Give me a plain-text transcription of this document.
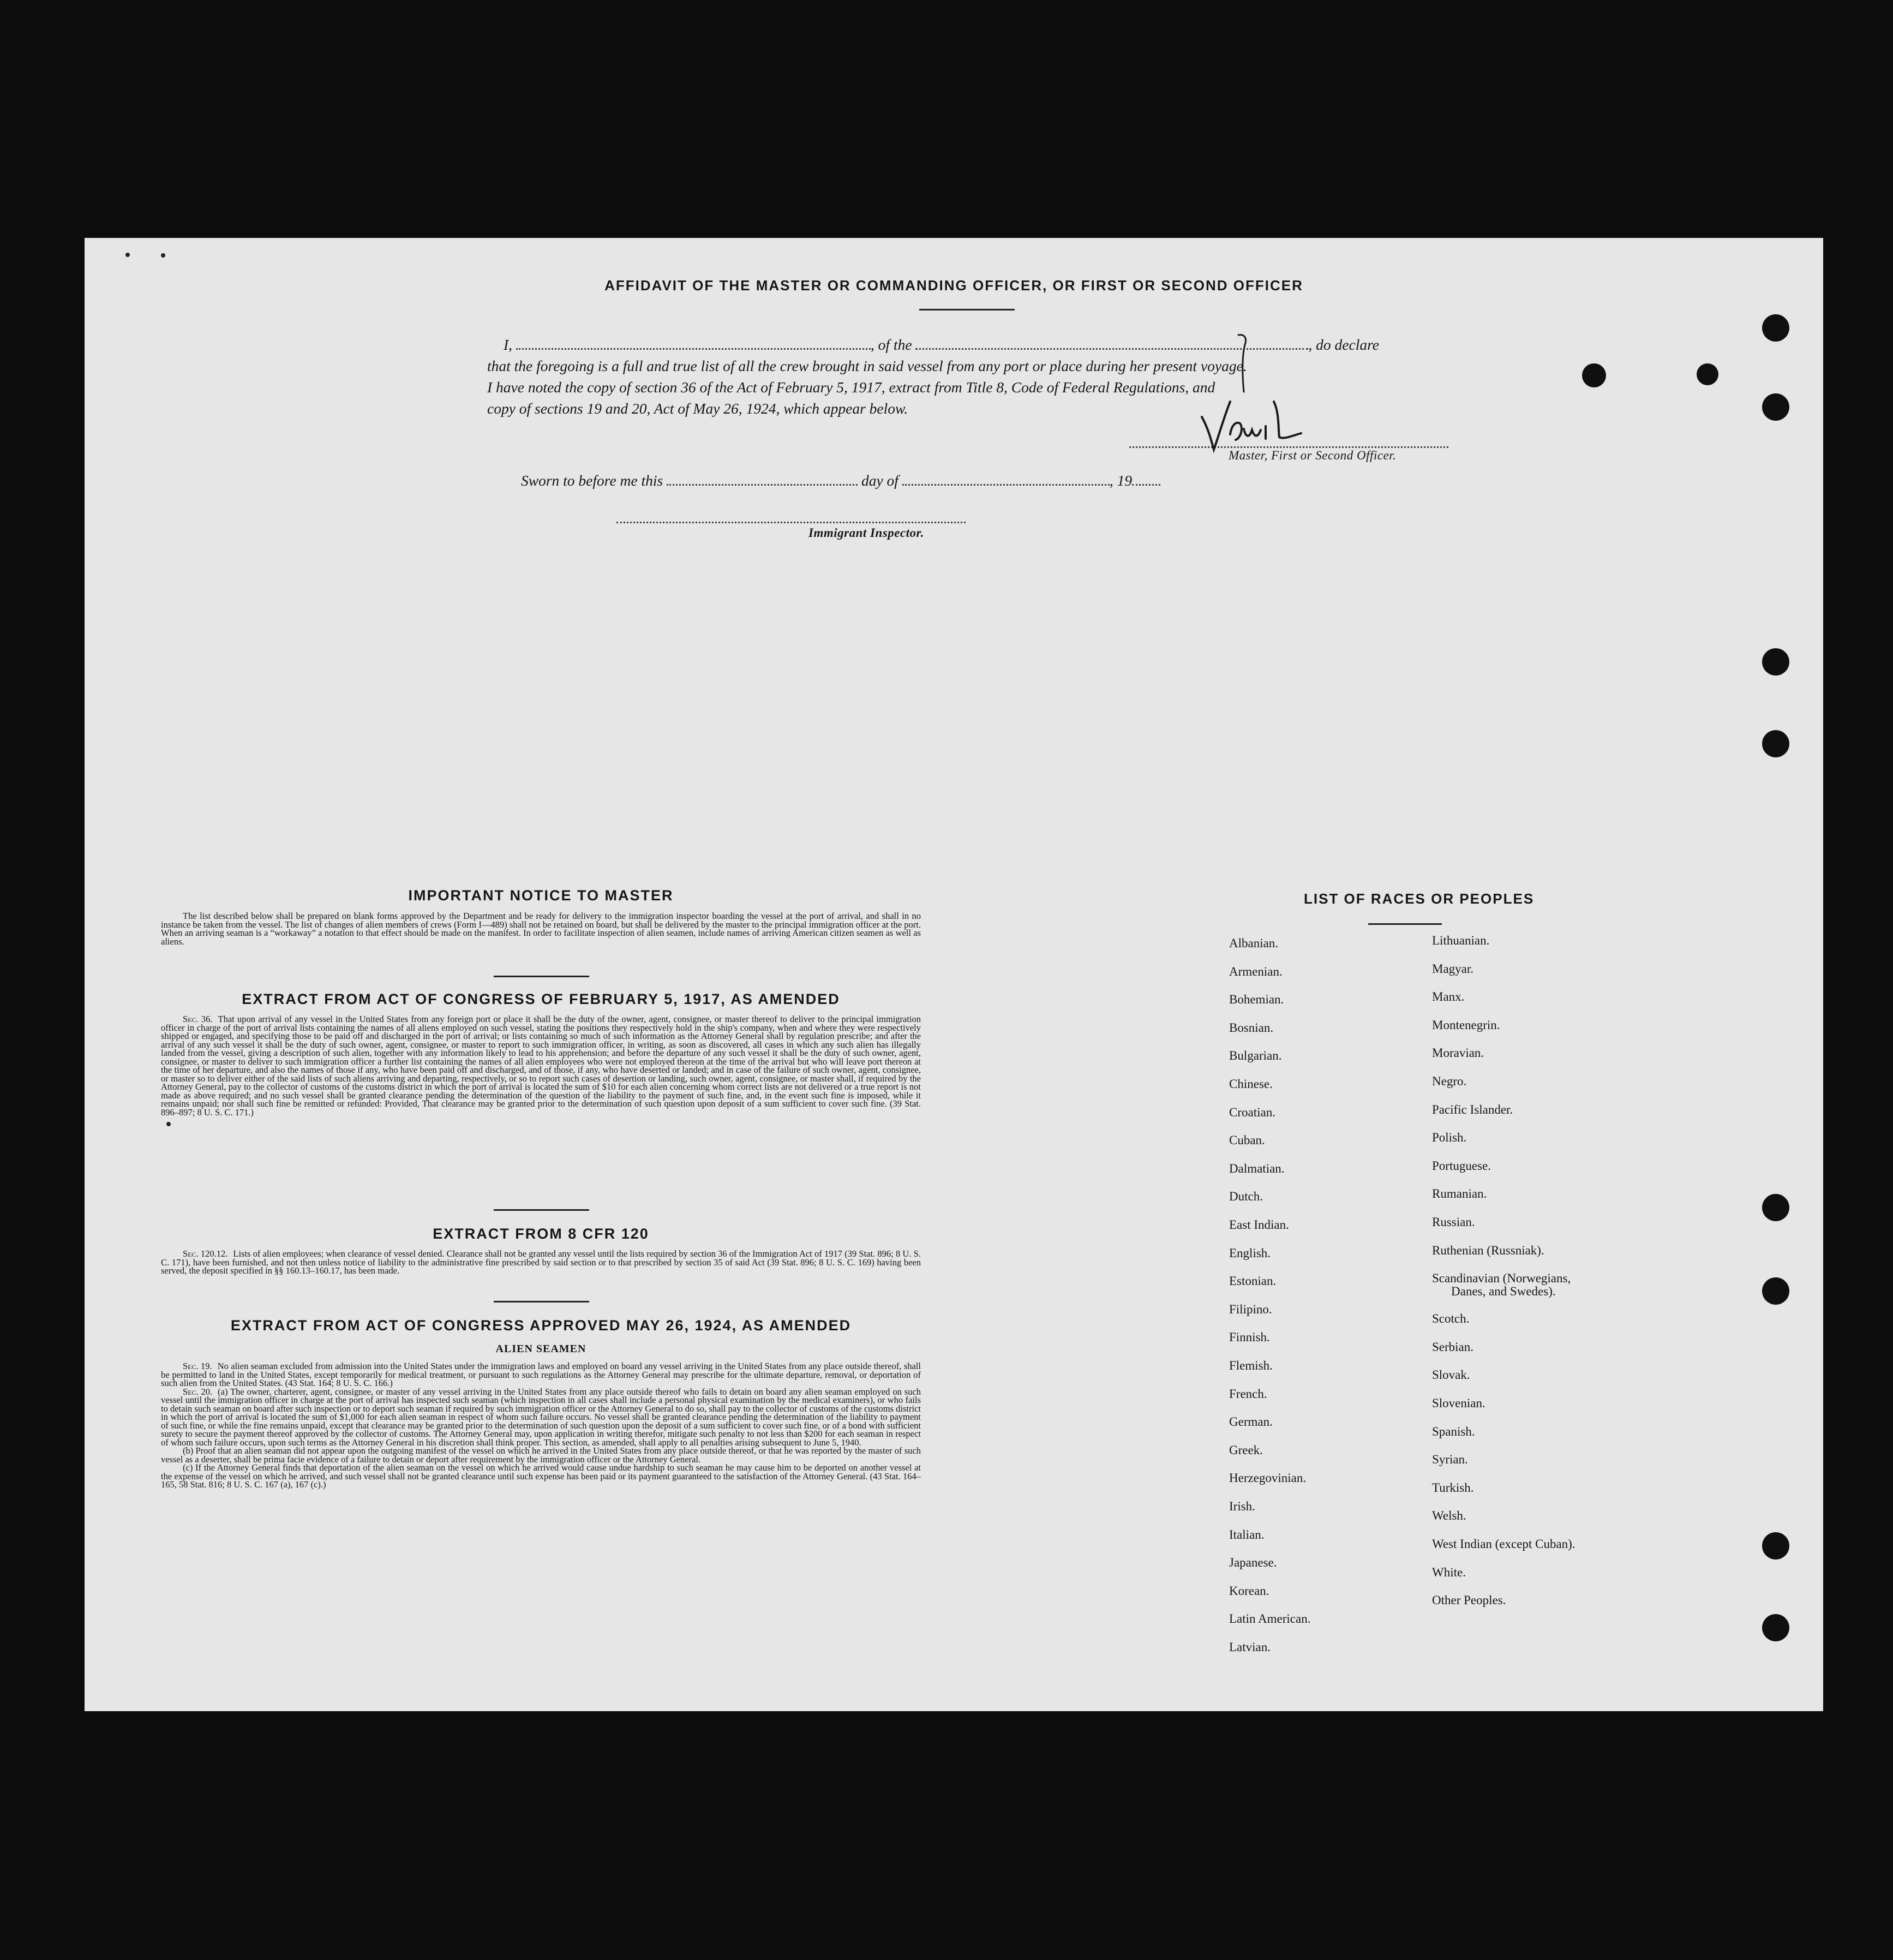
AFFIDAVIT OF THE MASTER OR COMMANDING OFFICER, OR FIRST OR SECOND OFFICER
I,	, of the	, do declare
that the foregoing is a full and true list of all the crew brought in said vessel from any port or place during her present voyage.
I have noted the copy of section 36 of the Act of February 5, 1917, extract from Title 8, Code of Federal Regulations, and
copy of sections 19 and 20, Act of May 26, 1924, which appear below.
Master, First or Second Officer.
Sworn to before me this	day of	, 19
Immigrant Inspector.
IMPORTANT NOTICE TO MASTER

The list described below shall be prepared on blank forms approved by the Department and be ready for delivery to the immigration inspector boarding the vessel at the port of arrival, and shall in no instance be taken from the vessel. The list of changes of alien members of crews (Form I—489) shall not be retained on board, but shall be delivered by the master to the principal immigration officer at the port. When an arriving seaman is a “workaway” a notation to that effect should be made on the manifest. In order to facilitate inspection of alien seamen, include names of arriving American citizen seamen as well as aliens.

EXTRACT FROM ACT OF CONGRESS OF FEBRUARY 5, 1917, AS AMENDED

Sec. 36. That upon arrival of any vessel in the United States from any foreign port or place it shall be the duty of the owner, agent, consignee, or master thereof to deliver to the principal immigration officer in charge of the port of arrival lists containing the names of all aliens employed on such vessel, stating the positions they respectively hold in the ship's company, when and where they were respectively shipped or engaged, and specifying those to be paid off and discharged in the port of arrival; or lists containing so much of such information as the Attorney General shall by regulation prescribe; and after the arrival of any such vessel it shall be the duty of such owner, agent, consignee, or master to report to such immigration officer, in writing, as soon as discovered, all cases in which any such alien has illegally landed from the vessel, giving a description of such alien, together with any information likely to lead to his apprehension; and before the departure of any such vessel it shall be the duty of such owner, agent, consignee, or master to deliver to such immigration officer a further list containing the names of all alien employees who were not employed thereon at the time of the arrival but who will leave port thereon at the time of her departure, and also the names of those if any, who have been paid off and discharged, and of those, if any, who have deserted or landed; and in case of the failure of such owner, agent, consignee, or master so to deliver either of the said lists of such aliens arriving and departing, respectively, or so to report such cases of desertion or landing, such owner, agent, consignee, or master shall, if required by the Attorney General, pay to the collector of customs of the customs district in which the port of arrival is located the sum of $10 for each alien concerning whom correct lists are not delivered or a true report is not made as above required; and no such vessel shall be granted clearance pending the determination of the question of the liability to the payment of such fine, and, in the event such fine is imposed, while it remains unpaid; nor shall such fine be remitted or refunded: Provided, That clearance may be granted prior to the determination of such question upon deposit of a sum sufficient to cover such fine. (39 Stat. 896–897; 8 U. S. C. 171.)

EXTRACT FROM 8 CFR 120

Sec. 120.12. Lists of alien employees; when clearance of vessel denied. Clearance shall not be granted any vessel until the lists required by section 36 of the Immigration Act of 1917 (39 Stat. 896; 8 U. S. C. 171), have been furnished, and not then unless notice of liability to the administrative fine prescribed by said section or to that prescribed by section 35 of said Act (39 Stat. 896; 8 U. S. C. 169) having been served, the deposit specified in §§ 160.13–160.17, has been made.

EXTRACT FROM ACT OF CONGRESS APPROVED MAY 26, 1924, AS AMENDED
ALIEN SEAMEN

Sec. 19. No alien seaman excluded from admission into the United States under the immigration laws and employed on board any vessel arriving in the United States from any place outside thereof, shall be permitted to land in the United States, except temporarily for medical treatment, or pursuant to such regulations as the Attorney General may prescribe for the ultimate departure, removal, or deportation of such alien from the United States. (43 Stat. 164; 8 U. S. C. 166.)

Sec. 20. (a) The owner, charterer, agent, consignee, or master of any vessel arriving in the United States from any place outside thereof who fails to detain on board any alien seaman employed on such vessel until the immigration officer in charge at the port of arrival has inspected such seaman (which inspection in all cases shall include a personal physical examination by the medical examiners), or who fails to detain such seaman on board after such inspection or to deport such seaman if required by such immigration officer or the Attorney General to do so, shall pay to the collector of customs of the customs district in which the port of arrival is located the sum of $1,000 for each alien seaman in respect of whom such failure occurs. No vessel shall be granted clearance pending the determination of the liability to payment of such fine, or while the fine remains unpaid, except that clearance may be granted prior to the determination of such question upon the deposit of a sum sufficient to cover such fine, or of a bond with sufficient surety to secure the payment thereof approved by the collector of customs. The Attorney General may, upon application in writing therefor, mitigate such penalty to not less than $200 for each seaman in respect of whom such failure occurs, upon such terms as the Attorney General in his discretion shall think proper. This section, as amended, shall apply to all penalties arising subsequent to June 5, 1940.

(b) Proof that an alien seaman did not appear upon the outgoing manifest of the vessel on which he arrived in the United States from any place outside thereof, or that he was reported by the master of such vessel as a deserter, shall be prima facie evidence of a failure to detain or deport after requirement by the immigration officer or the Attorney General.

(c) If the Attorney General finds that deportation of the alien seaman on the vessel on which he arrived would cause undue hardship to such seaman he may cause him to be deported on another vessel at the expense of the vessel on which he arrived, and such vessel shall not be granted clearance until such expense has been paid or its payment guaranteed to the satisfaction of the Attorney General. (43 Stat. 164–165, 58 Stat. 816; 8 U. S. C. 167 (a), 167 (c).)

LIST OF RACES OR PEOPLES
Albanian.
Armenian.
Bohemian.
Bosnian.
Bulgarian.
Chinese.
Croatian.
Cuban.
Dalmatian.
Dutch.
East Indian.
English.
Estonian.
Filipino.
Finnish.
Flemish.
French.
German.
Greek.
Herzegovinian.
Irish.
Italian.
Japanese.
Korean.
Latin American.
Latvian.
Lithuanian.
Magyar.
Manx.
Montenegrin.
Moravian.
Negro.
Pacific Islander.
Polish.
Portuguese.
Rumanian.
Russian.
Ruthenian (Russniak).
Scandinavian (Norwegians,
Danes, and Swedes).
Scotch.
Serbian.
Slovak.
Slovenian.
Spanish.
Syrian.
Turkish.
Welsh.
West Indian (except Cuban).
White.
Other Peoples.
